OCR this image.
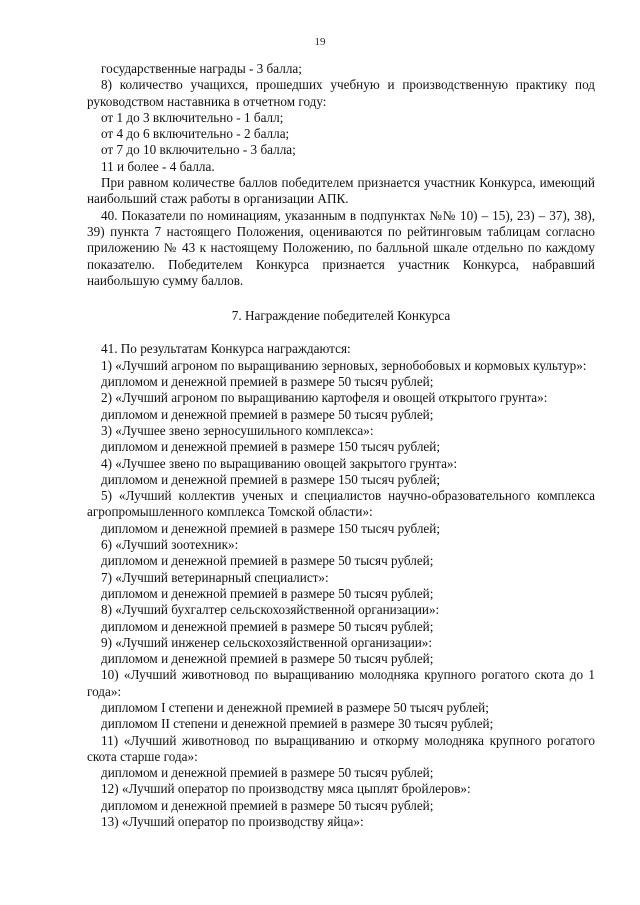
19

государственные награды - 3 балла;

8) количество учащихся, прошедших учебную и производственную практику под руководством наставника в отчетном году:

от 1 до 3 включительно - 1 балл;

от 4 до 6 включительно - 2 балла;

от 7 до 10 включительно - 3 балла;

11 и более - 4 балла.

При равном количестве баллов победителем признается участник Конкурса, имеющий наибольший стаж работы в организации АПК.

40. Показатели по номинациям, указанным в подпунктах №№ 10) – 15), 23) – 37), 38), 39) пункта 7 настоящего Положения, оцениваются по рейтинговым таблицам согласно приложению № 43 к настоящему Положению, по балльной шкале отдельно по каждому показателю. Победителем Конкурса признается участник Конкурса, набравший наибольшую сумму баллов.

7. Награждение победителей Конкурса

41. По результатам Конкурса награждаются:

1) «Лучший агроном по выращиванию зерновых, зернобобовых и кормовых культур»:

дипломом и денежной премией в размере 50 тысяч рублей;

2) «Лучший агроном по выращиванию картофеля и овощей открытого грунта»:

дипломом и денежной премией в размере 50 тысяч рублей;

3) «Лучшее звено зерносушильного комплекса»:

дипломом и денежной премией в размере 150 тысяч рублей;

4) «Лучшее звено по выращиванию овощей закрытого грунта»:

дипломом и денежной премией в размере 150 тысяч рублей;

5) «Лучший коллектив ученых и специалистов научно-образовательного комплекса агропромышленного комплекса Томской области»:

дипломом и денежной премией в размере 150 тысяч рублей;

6) «Лучший зоотехник»:

дипломом и денежной премией в размере 50 тысяч рублей;

7) «Лучший ветеринарный специалист»:

дипломом и денежной премией в размере 50 тысяч рублей;

8) «Лучший бухгалтер сельскохозяйственной организации»:

дипломом и денежной премией в размере 50 тысяч рублей;

9) «Лучший инженер сельскохозяйственной организации»:

дипломом и денежной премией в размере 50 тысяч рублей;

10) «Лучший животновод по выращиванию молодняка крупного рогатого скота до 1 года»:

дипломом I степени и денежной премией в размере 50 тысяч рублей;

дипломом II степени и денежной премией в размере 30 тысяч рублей;

11) «Лучший животновод по выращиванию и откорму молодняка крупного рогатого скота старше года»:

дипломом и денежной премией в размере 50 тысяч рублей;

12) «Лучший оператор по производству мяса цыплят бройлеров»:

дипломом и денежной премией в размере 50 тысяч рублей;

13) «Лучший оператор по производству яйца»:
